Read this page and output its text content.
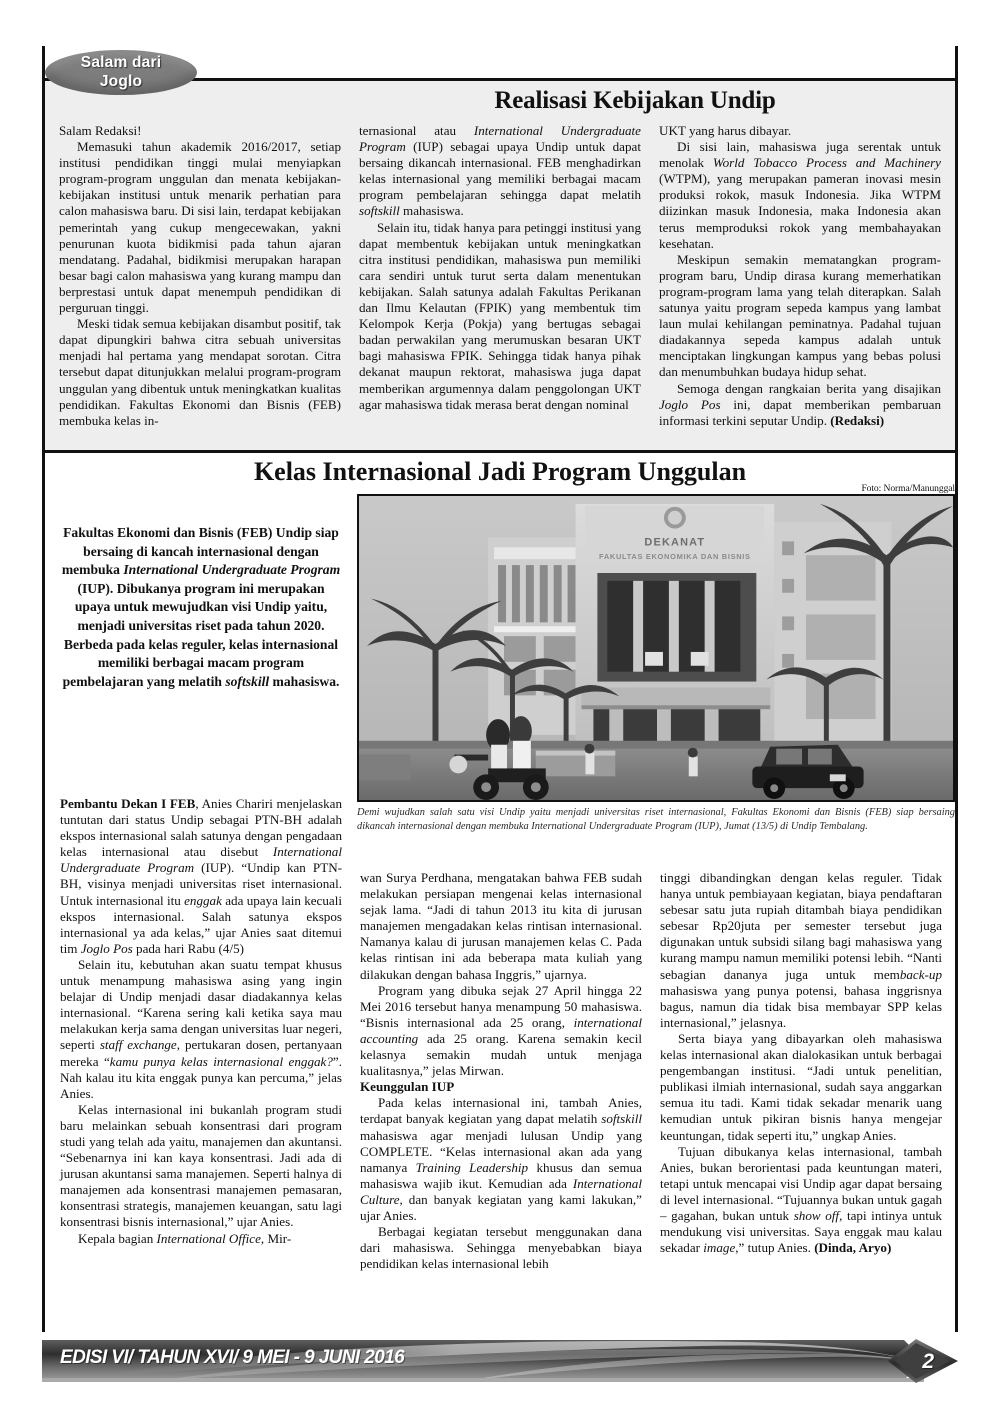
Realisasi Kebijakan Undip

Salam Redaksi!

Memasuki tahun akademik 2016/2017, setiap institusi pendidikan tinggi mulai menyiapkan program-program unggulan dan menata kebijakan-kebijakan institusi untuk menarik perhatian para calon mahasiswa baru. Di sisi lain, terdapat kebijakan pemerintah yang cukup mengecewakan, yakni penurunan kuota bidikmisi pada tahun ajaran mendatang. Padahal, bidikmisi merupakan harapan besar bagi calon mahasiswa yang kurang mampu dan berprestasi untuk dapat menempuh pendidikan di perguruan tinggi.

Meski tidak semua kebijakan disambut positif, tak dapat dipungkiri bahwa citra sebuah universitas menjadi hal pertama yang mendapat sorotan. Citra tersebut dapat ditunjukkan melalui program-program unggulan yang dibentuk untuk meningkatkan kualitas pendidikan. Fakultas Ekonomi dan Bisnis (FEB) membuka kelas in-

ternasional atau International Undergraduate Program (IUP) sebagai upaya Undip untuk dapat bersaing dikancah internasional. FEB menghadirkan kelas internasional yang memiliki berbagai macam program pembelajaran sehingga dapat melatih softskill mahasiswa.

Selain itu, tidak hanya para petinggi institusi yang dapat membentuk kebijakan untuk meningkatkan citra institusi pendidikan, mahasiswa pun memiliki cara sendiri untuk turut serta dalam menentukan kebijakan. Salah satunya adalah Fakultas Perikanan dan Ilmu Kelautan (FPIK) yang membentuk tim Kelompok Kerja (Pokja) yang bertugas sebagai badan perwakilan yang merumuskan besaran UKT bagi mahasiswa FPIK. Sehingga tidak hanya pihak dekanat maupun rektorat, mahasiswa juga dapat memberikan argumennya dalam penggolongan UKT agar mahasiswa tidak merasa berat dengan nominal

UKT yang harus dibayar.

Di sisi lain, mahasiswa juga serentak untuk menolak World Tobacco Process and Machinery (WTPM), yang merupakan pameran inovasi mesin produksi rokok, masuk Indonesia. Jika WTPM diizinkan masuk Indonesia, maka Indonesia akan terus memproduksi rokok yang membahayakan kesehatan.

Meskipun semakin mematangkan program-program baru, Undip dirasa kurang memerhatikan program-program lama yang telah diterapkan. Salah satunya yaitu program sepeda kampus yang lambat laun mulai kehilangan peminatnya. Padahal tujuan diadakannya sepeda kampus adalah untuk menciptakan lingkungan kampus yang bebas polusi dan menumbuhkan budaya hidup sehat.

Semoga dengan rangkaian berita yang disajikan Joglo Pos ini, dapat memberikan pembaruan informasi terkini seputar Undip. (Redaksi)

Salam dari
Joglo
Kelas Internasional Jadi Program Unggulan
Foto: Norma/Manunggal
Fakultas Ekonomi dan Bisnis (FEB) Undip siap bersaing di kancah internasional dengan membuka International Undergraduate Program (IUP). Dibukanya program ini merupakan upaya untuk mewujudkan visi Undip yaitu, menjadi universitas riset pada tahun 2020. Berbeda pada kelas reguler, kelas internasional memiliki berbagai macam program pembelajaran yang melatih softskill mahasiswa.
DEKANAT
FAKULTAS EKONOMIKA DAN BISNIS
Demi wujudkan salah satu visi Undip yaitu menjadi universitas riset internasional, Fakultas Ekonomi dan Bisnis (FEB) siap bersaing dikancah internasional dengan membuka International Undergraduate Program (IUP), Jumat (13/5) di Undip Tembalang.

Pembantu Dekan I FEB, Anies Chariri menjelaskan tuntutan dari status Undip sebagai PTN-BH adalah ekspos internasional salah satunya dengan pengadaan kelas internasional atau disebut International Undergraduate Program (IUP). “Undip kan PTN-BH, visinya menjadi universitas riset internasional. Untuk internasional itu enggak ada upaya lain kecuali ekspos internasional. Salah satunya ekspos internasional ya ada kelas,” ujar Anies saat ditemui tim Joglo Pos pada hari Rabu (4/5)

Selain itu, kebutuhan akan suatu tempat khusus untuk menampung mahasiswa asing yang ingin belajar di Undip menjadi dasar diadakannya kelas internasional. “Karena sering kali ketika saya mau melakukan kerja sama dengan universitas luar negeri, seperti staff exchange, pertukaran dosen, pertanyaan mereka “kamu punya kelas internasional enggak?”. Nah kalau itu kita enggak punya kan percuma,” jelas Anies.

Kelas internasional ini bukanlah program studi baru melainkan sebuah konsentrasi dari program studi yang telah ada yaitu, manajemen dan akuntansi. “Sebenarnya ini kan kaya konsentrasi. Jadi ada di jurusan akuntansi sama manajemen. Seperti halnya di manajemen ada konsentrasi manajemen pemasaran, konsentrasi strategis, manajemen keuangan, satu lagi konsentrasi bisnis internasional,” ujar Anies.

Kepala bagian International Office, Mir-

wan Surya Perdhana, mengatakan bahwa FEB sudah melakukan persiapan mengenai kelas internasional sejak lama. “Jadi di tahun 2013 itu kita di jurusan manajemen mengadakan kelas rintisan internasional. Namanya kalau di jurusan manajemen kelas C. Pada kelas rintisan ini ada beberapa mata kuliah yang dilakukan dengan bahasa Inggris,” ujarnya.

Program yang dibuka sejak 27 April hingga 22 Mei 2016 tersebut hanya menampung 50 mahasiswa. “Bisnis internasional ada 25 orang, international accounting ada 25 orang. Karena semakin kecil kelasnya semakin mudah untuk menjaga kualitasnya,” jelas Mirwan.

Keunggulan IUP

Pada kelas internasional ini, tambah Anies, terdapat banyak kegiatan yang dapat melatih softskill mahasiswa agar menjadi lulusan Undip yang COMPLETE. “Kelas internasional akan ada yang namanya Training Leadership khusus dan semua mahasiswa wajib ikut. Kemudian ada International Culture, dan banyak kegiatan yang kami lakukan,” ujar Anies.

Berbagai kegiatan tersebut menggunakan dana dari mahasiswa. Sehingga menyebabkan biaya pendidikan kelas internasional lebih

tinggi dibandingkan dengan kelas reguler. Tidak hanya untuk pembiayaan kegiatan, biaya pendaftaran sebesar satu juta rupiah ditambah biaya pendidikan sebesar Rp20juta per semester tersebut juga digunakan untuk subsidi silang bagi mahasiswa yang kurang mampu namun memiliki potensi lebih. “Nanti sebagian dananya juga untuk memback-up mahasiswa yang punya potensi, bahasa inggrisnya bagus, namun dia tidak bisa membayar SPP kelas internasional,” jelasnya.

Serta biaya yang dibayarkan oleh mahasiswa kelas internasional akan dialokasikan untuk berbagai pengembangan institusi. “Jadi untuk penelitian, publikasi ilmiah internasional, sudah saya anggarkan semua itu tadi. Kami tidak sekadar menarik uang kemudian untuk pikiran bisnis hanya mengejar keuntungan, tidak seperti itu,” ungkap Anies.

Tujuan dibukanya kelas internasional, tambah Anies, bukan berorientasi pada keuntungan materi, tetapi untuk mencapai visi Undip agar dapat bersaing di level internasional. “Tujuannya bukan untuk gagah – gagahan, bukan untuk show off, tapi intinya untuk mendukung visi universitas. Saya enggak mau kalau sekadar image,” tutup Anies. (Dinda, Aryo)

EDISI VI/ TAHUN XVI/ 9 MEI - 9 JUNI 2016	2
